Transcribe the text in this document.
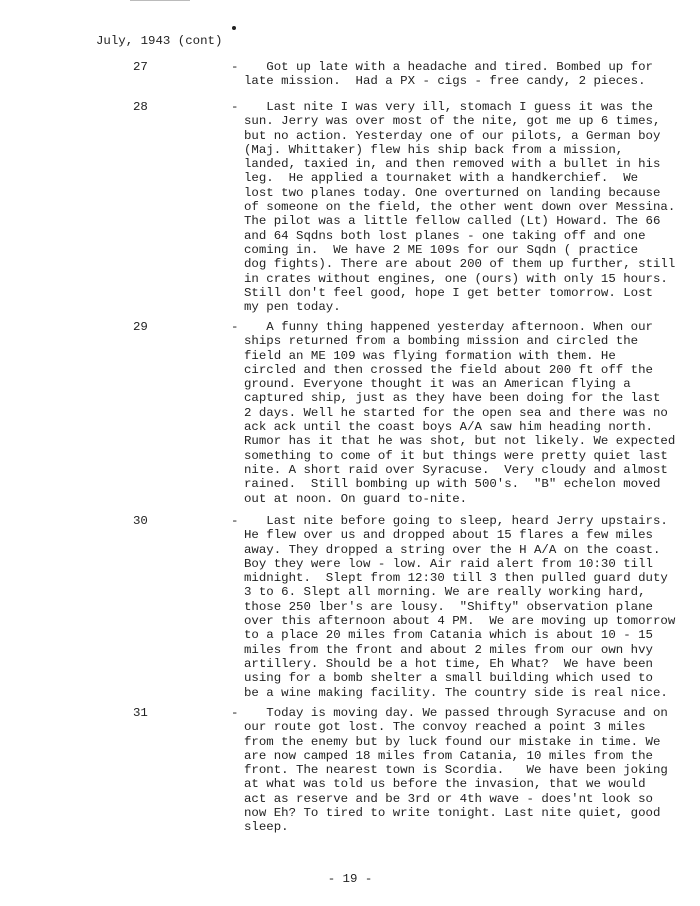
July, 1943 (cont)
27	-	Got up late with a headache and tired. Bombed up for
late mission.  Had a PX - cigs - free candy, 2 pieces.
28	-	Last nite I was very ill, stomach I guess it was the
sun. Jerry was over most of the nite, got me up 6 times,
but no action. Yesterday one of our pilots, a German boy
(Maj. Whittaker) flew his ship back from a mission,
landed, taxied in, and then removed with a bullet in his
leg.  He applied a tournaket with a handkerchief.  We
lost two planes today. One overturned on landing because
of someone on the field, the other went down over Messina.
The pilot was a little fellow called (Lt) Howard. The 66
and 64 Sqdns both lost planes - one taking off and one
coming in.  We have 2 ME 109s for our Sqdn ( practice
dog fights). There are about 200 of them up further, still
in crates without engines, one (ours) with only 15 hours.
Still don't feel good, hope I get better tomorrow. Lost
my pen today.
29	-	A funny thing happened yesterday afternoon. When our
ships returned from a bombing mission and circled the
field an ME 109 was flying formation with them. He
circled and then crossed the field about 200 ft off the
ground. Everyone thought it was an American flying a
captured ship, just as they have been doing for the last
2 days. Well he started for the open sea and there was no
ack ack until the coast boys A/A saw him heading north.
Rumor has it that he was shot, but not likely. We expected
something to come of it but things were pretty quiet last
nite. A short raid over Syracuse.  Very cloudy and almost
rained.  Still bombing up with 500's.  "B" echelon moved
out at noon. On guard to-nite.
30	-	Last nite before going to sleep, heard Jerry upstairs.
He flew over us and dropped about 15 flares a few miles
away. They dropped a string over the H A/A on the coast.
Boy they were low - low. Air raid alert from 10:30 till
midnight.  Slept from 12:30 till 3 then pulled guard duty
3 to 6. Slept all morning. We are really working hard,
those 250 lber's are lousy.  "Shifty" observation plane
over this afternoon about 4 PM.  We are moving up tomorrow
to a place 20 miles from Catania which is about 10 - 15
miles from the front and about 2 miles from our own hvy
artillery. Should be a hot time, Eh What?  We have been
using for a bomb shelter a small building which used to
be a wine making facility. The country side is real nice.
31	-	Today is moving day. We passed through Syracuse and on
our route got lost. The convoy reached a point 3 miles
from the enemy but by luck found our mistake in time. We
are now camped 18 miles from Catania, 10 miles from the
front. The nearest town is Scordia.   We have been joking
at what was told us before the invasion, that we would
act as reserve and be 3rd or 4th wave - does'nt look so
now Eh? To tired to write tonight. Last nite quiet, good
sleep.
- 19 -
